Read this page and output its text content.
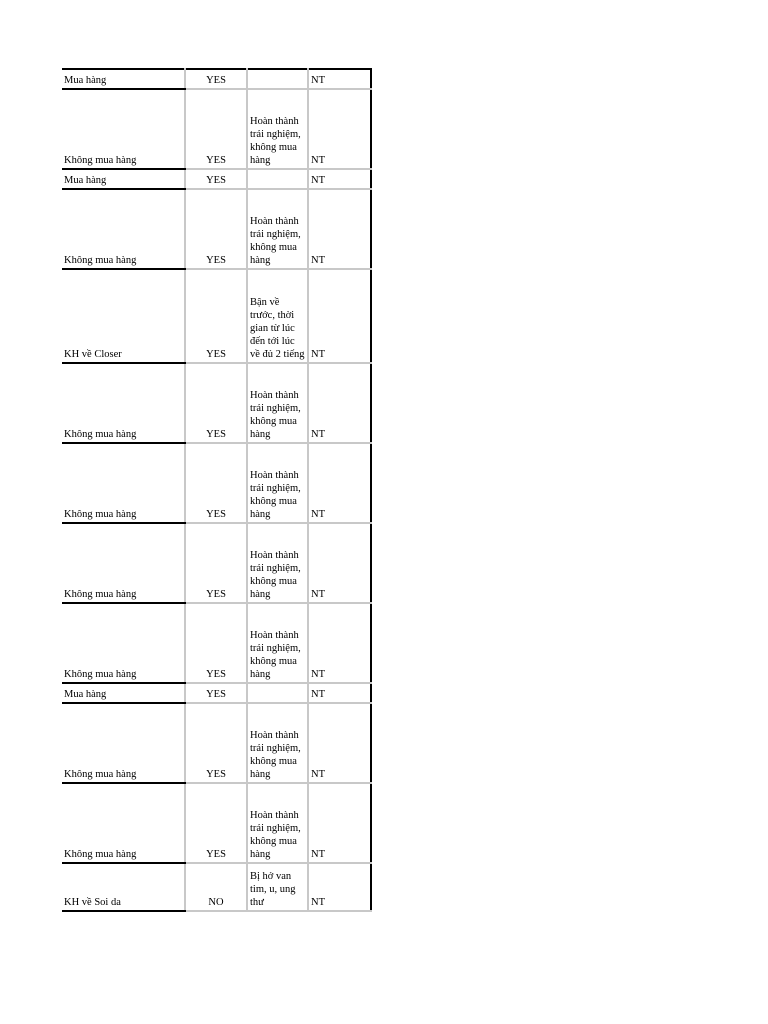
Mua hàng	YES		NT
Không mua hàng	YES	Hoàn thành trải nghiệm, không mua hàng	NT
Mua hàng	YES		NT
Không mua hàng	YES	Hoàn thành trải nghiệm, không mua hàng	NT
KH về Closer	YES	Bận về trước, thời gian từ lúc đến tới lúc về đủ 2 tiếng	NT
Không mua hàng	YES	Hoàn thành trải nghiệm, không mua hàng	NT
Không mua hàng	YES	Hoàn thành trải nghiệm, không mua hàng	NT
Không mua hàng	YES	Hoàn thành trải nghiệm, không mua hàng	NT
Không mua hàng	YES	Hoàn thành trải nghiệm, không mua hàng	NT
Mua hàng	YES		NT
Không mua hàng	YES	Hoàn thành trải nghiệm, không mua hàng	NT
Không mua hàng	YES	Hoàn thành trải nghiệm, không mua hàng	NT
KH về Soi da	NO	Bị hở van tim, u, ung thư	NT
